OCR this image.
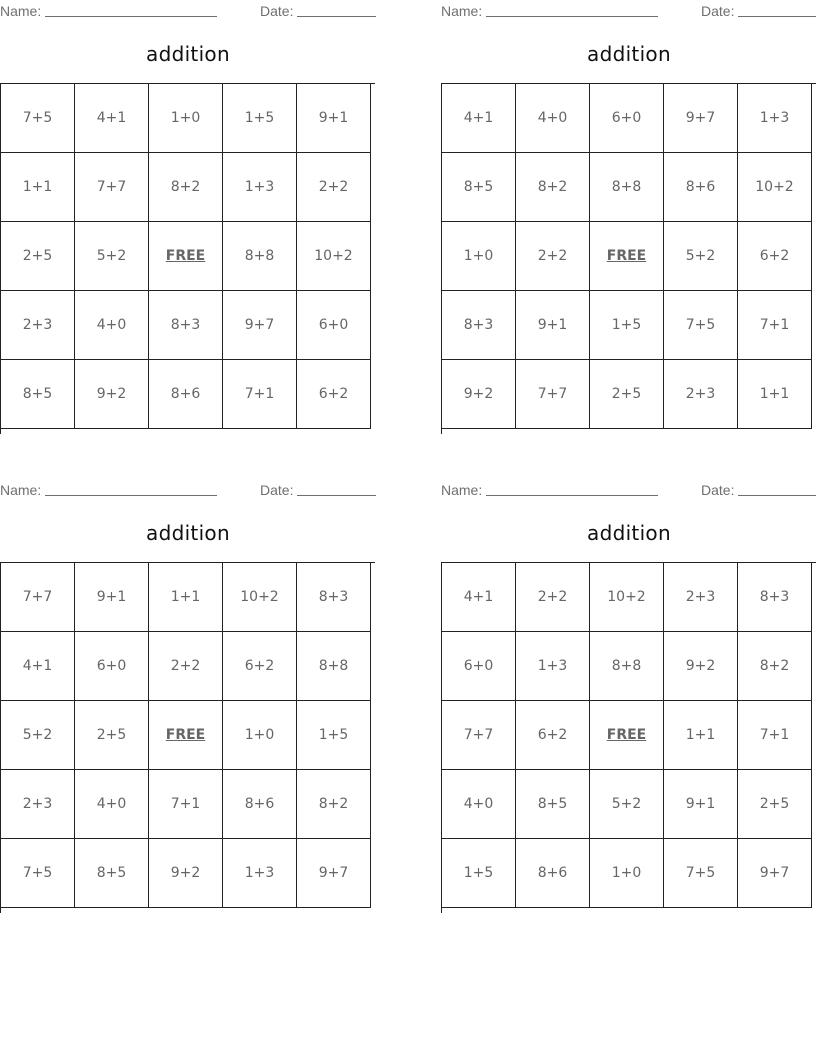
Name:	Date:
addition
7+5	4+1	1+0	1+5	9+1
1+1	7+7	8+2	1+3	2+2
2+5	5+2	FREE	8+8	10+2
2+3	4+0	8+3	9+7	6+0
8+5	9+2	8+6	7+1	6+2
Name:	Date:
addition
4+1	4+0	6+0	9+7	1+3
8+5	8+2	8+8	8+6	10+2
1+0	2+2	FREE	5+2	6+2
8+3	9+1	1+5	7+5	7+1
9+2	7+7	2+5	2+3	1+1
Name:	Date:
addition
7+7	9+1	1+1	10+2	8+3
4+1	6+0	2+2	6+2	8+8
5+2	2+5	FREE	1+0	1+5
2+3	4+0	7+1	8+6	8+2
7+5	8+5	9+2	1+3	9+7
Name:	Date:
addition
4+1	2+2	10+2	2+3	8+3
6+0	1+3	8+8	9+2	8+2
7+7	6+2	FREE	1+1	7+1
4+0	8+5	5+2	9+1	2+5
1+5	8+6	1+0	7+5	9+7
